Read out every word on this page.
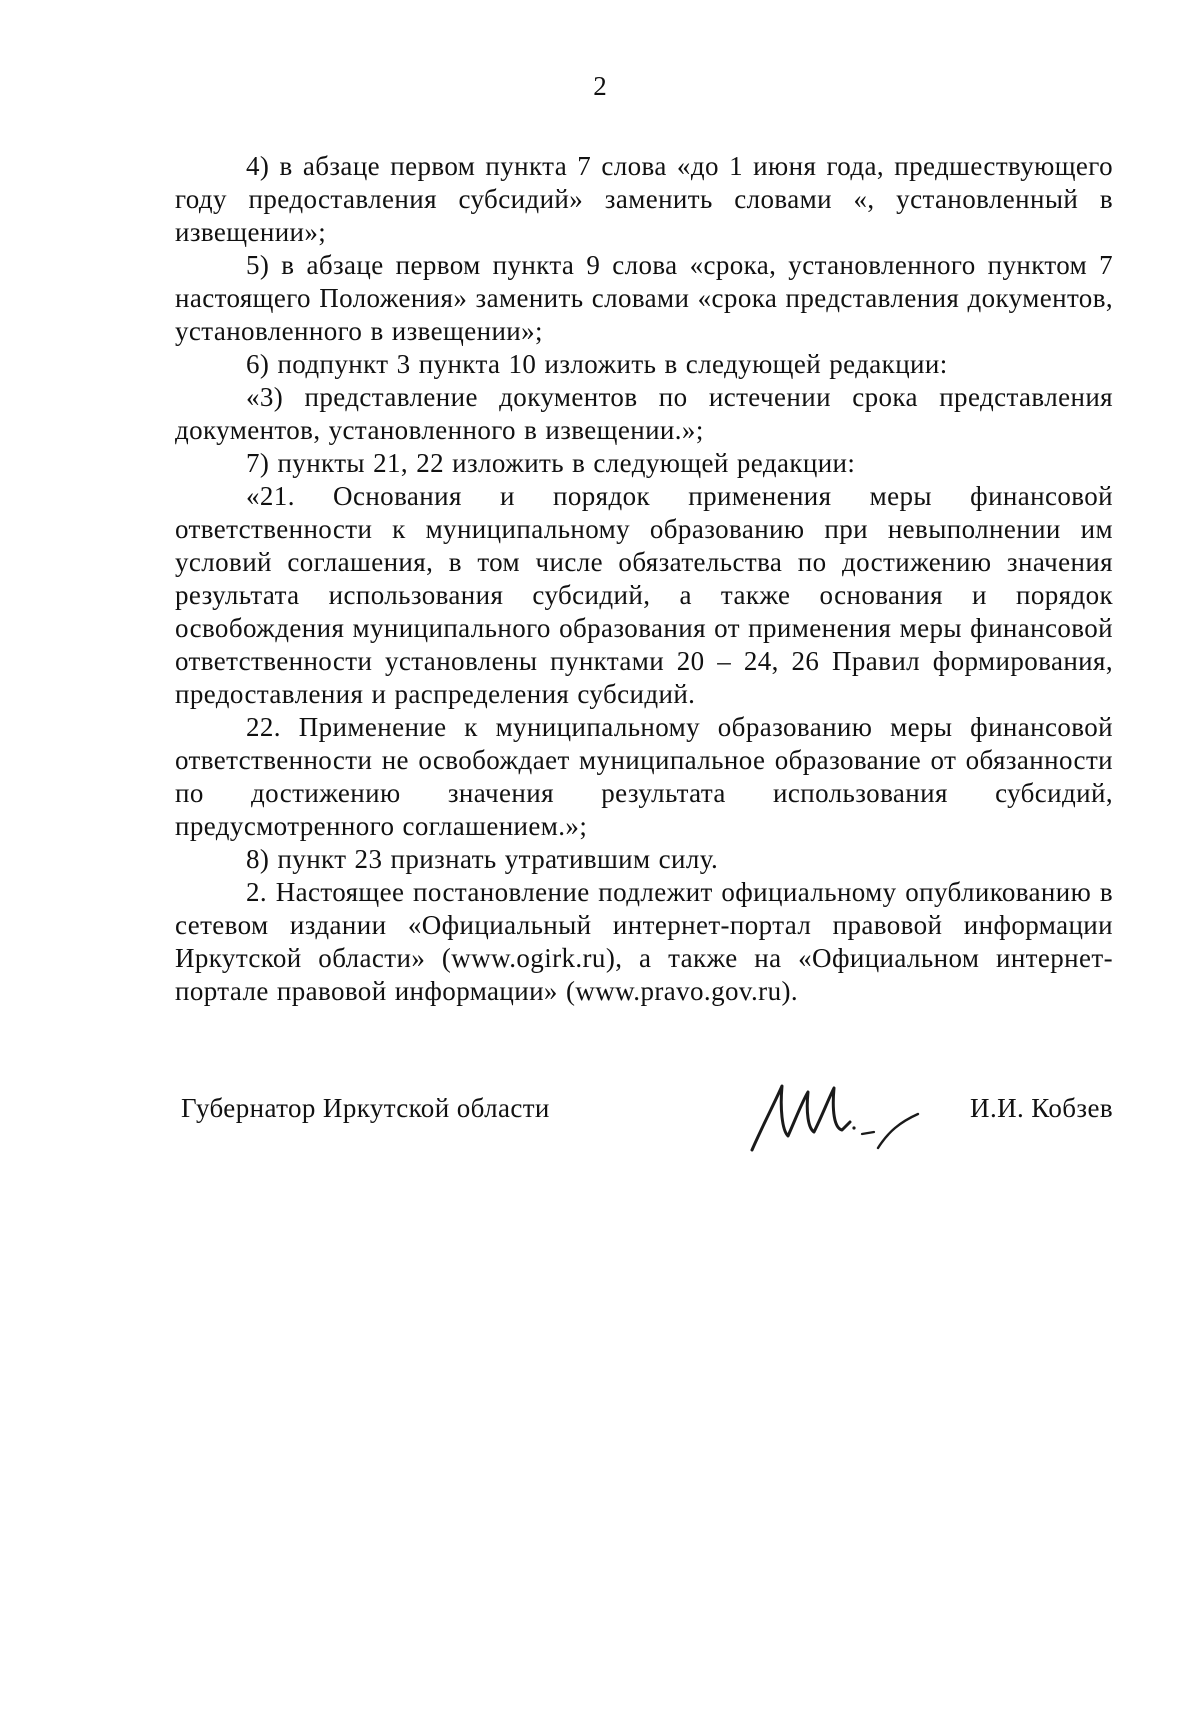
2

4) в абзаце первом пункта 7 слова «до 1 июня года, предшествующего году предоставления субсидий» заменить словами «, установленный в извещении»;

5) в абзаце первом пункта 9 слова «срока, установленного пунктом 7 настоящего Положения» заменить словами «срока представления документов, установленного в извещении»;

6) подпункт 3 пункта 10 изложить в следующей редакции:

«3) представление документов по истечении срока представления документов, установленного в извещении.»;

7) пункты 21, 22 изложить в следующей редакции:

«21. Основания и порядок применения меры финансовой ответственности к муниципальному образованию при невыполнении им условий соглашения, в том числе обязательства по достижению значения результата использования субсидий, а также основания и порядок освобождения муниципального образования от применения меры финансовой ответственности установлены пунктами 20 – 24, 26 Правил формирования, предоставления и распределения субсидий.

22. Применение к муниципальному образованию меры финансовой ответственности не освобождает муниципальное образование от обязанности по достижению значения результата использования субсидий, предусмотренного соглашением.»;

8) пункт 23 признать утратившим силу.

2. Настоящее постановление подлежит официальному опубликованию в сетевом издании «Официальный интернет-портал правовой информации Иркутской области» (www.ogirk.ru), а также на «Официальном интернет-портале правовой информации» (www.pravo.gov.ru).

Губернатор Иркутской области	И.И. Кобзев
